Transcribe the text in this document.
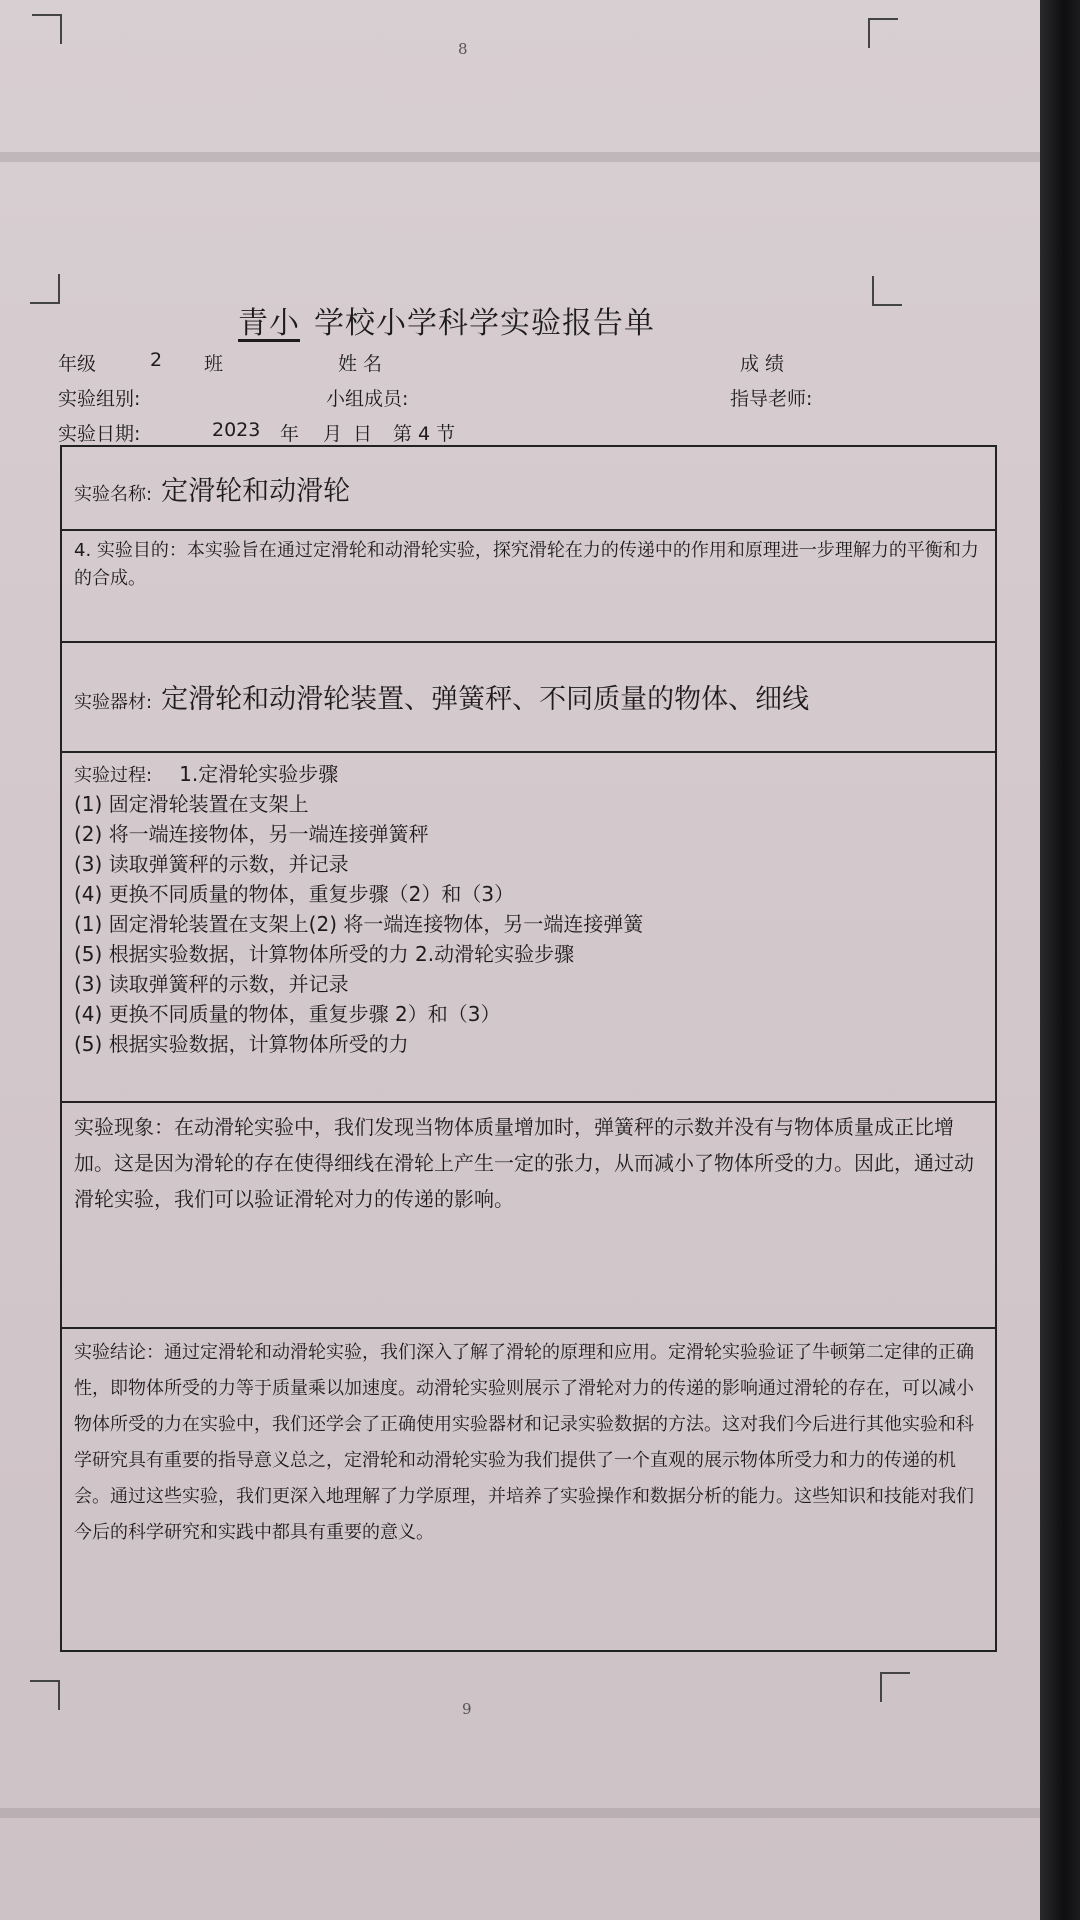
8
9
青小 学校小学科学实验报告单
年级	2 班	姓 名	成 绩
实验组别:	小组成员:	指导老师:
实验日期:	2023 年 月 日 第 4 节
实验名称: 定滑轮和动滑轮
4. 实验目的：本实验旨在通过定滑轮和动滑轮实验，探究滑轮在力的传递中的作用和原理进一步理解力的平衡和力的合成。
实验器材: 定滑轮和动滑轮装置、弹簧秤、不同质量的物体、细线
实验过程: 1.定滑轮实验步骤
(1) 固定滑轮装置在支架上
(2) 将一端连接物体，另一端连接弹簧秤
(3) 读取弹簧秤的示数，并记录
(4) 更换不同质量的物体，重复步骤（2）和（3）
(1) 固定滑轮装置在支架上(2) 将一端连接物体，另一端连接弹簧
(5) 根据实验数据，计算物体所受的力 2.动滑轮实验步骤
(3) 读取弹簧秤的示数，并记录
(4) 更换不同质量的物体，重复步骤 2）和（3）
(5) 根据实验数据，计算物体所受的力
实验现象：在动滑轮实验中，我们发现当物体质量增加时，弹簧秤的示数并没有与物体质量成正比增加。这是因为滑轮的存在使得细线在滑轮上产生一定的张力，从而减小了物体所受的力。因此，通过动滑轮实验，我们可以验证滑轮对力的传递的影响。
实验结论：通过定滑轮和动滑轮实验，我们深入了解了滑轮的原理和应用。定滑轮实验验证了牛顿第二定律的正确性，即物体所受的力等于质量乘以加速度。动滑轮实验则展示了滑轮对力的传递的影响通过滑轮的存在，可以减小物体所受的力在实验中，我们还学会了正确使用实验器材和记录实验数据的方法。这对我们今后进行其他实验和科学研究具有重要的指导意义总之，定滑轮和动滑轮实验为我们提供了一个直观的展示物体所受力和力的传递的机会。通过这些实验，我们更深入地理解了力学原理，并培养了实验操作和数据分析的能力。这些知识和技能对我们今后的科学研究和实践中都具有重要的意义。
